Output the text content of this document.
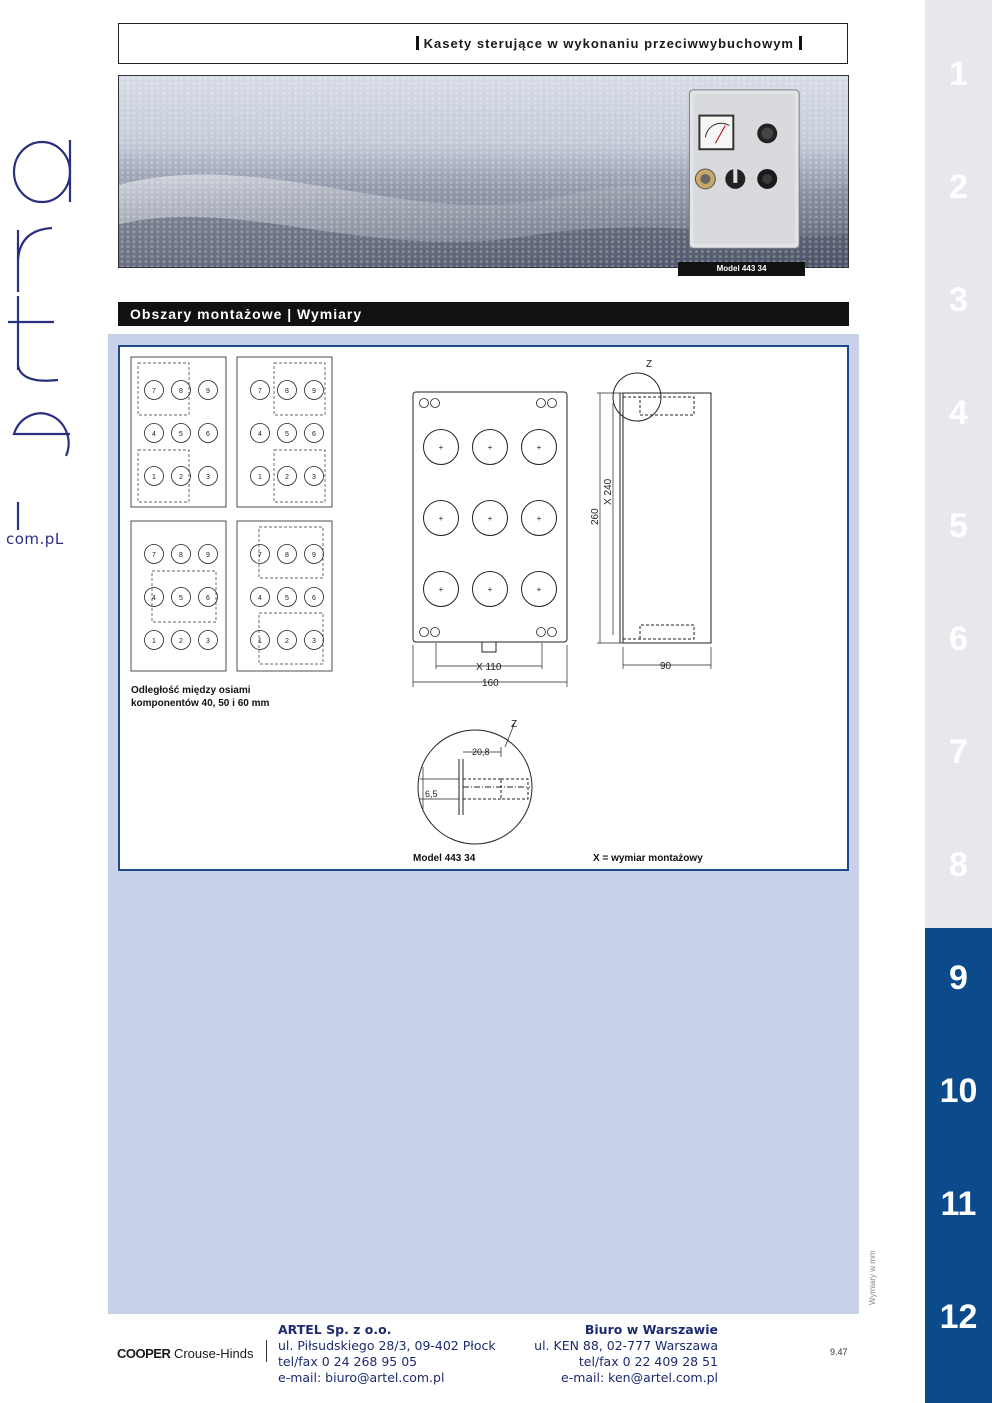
artel
com.pL
Kasety sterujące w wykonaniu przeciwwybuchowym
Model 443 34
Obszary montażowe | Wymiary
7	8	9
4	5	6
1	2	3
7	8	9
4	5	6
1	2	3
7	8	9
4	5	6
1	2	3
7	8	9
4	5	6
1	2	3
Odległość między osiami
komponentów 40, 50 i 60 mm
+	+	+
+	+	+
+	+	+
X 110
160
260
X 240
90
Z
Z
20,8
6,5
Model 443 34	X = wymiar montażowy
Wymiary w mm
1
2
3
4
5
6
7
8
9
10
11
12
COOPER Crouse-Hinds
ARTEL Sp. z o.o.
ul. Piłsudskiego 28/3, 09-402 Płock
tel/fax 0 24 268 95 05
e-mail: biuro@artel.com.pl
Biuro w Warszawie
ul. KEN 88, 02-777 Warszawa
tel/fax 0 22 409 28 51
e-mail: ken@artel.com.pl
9.47
